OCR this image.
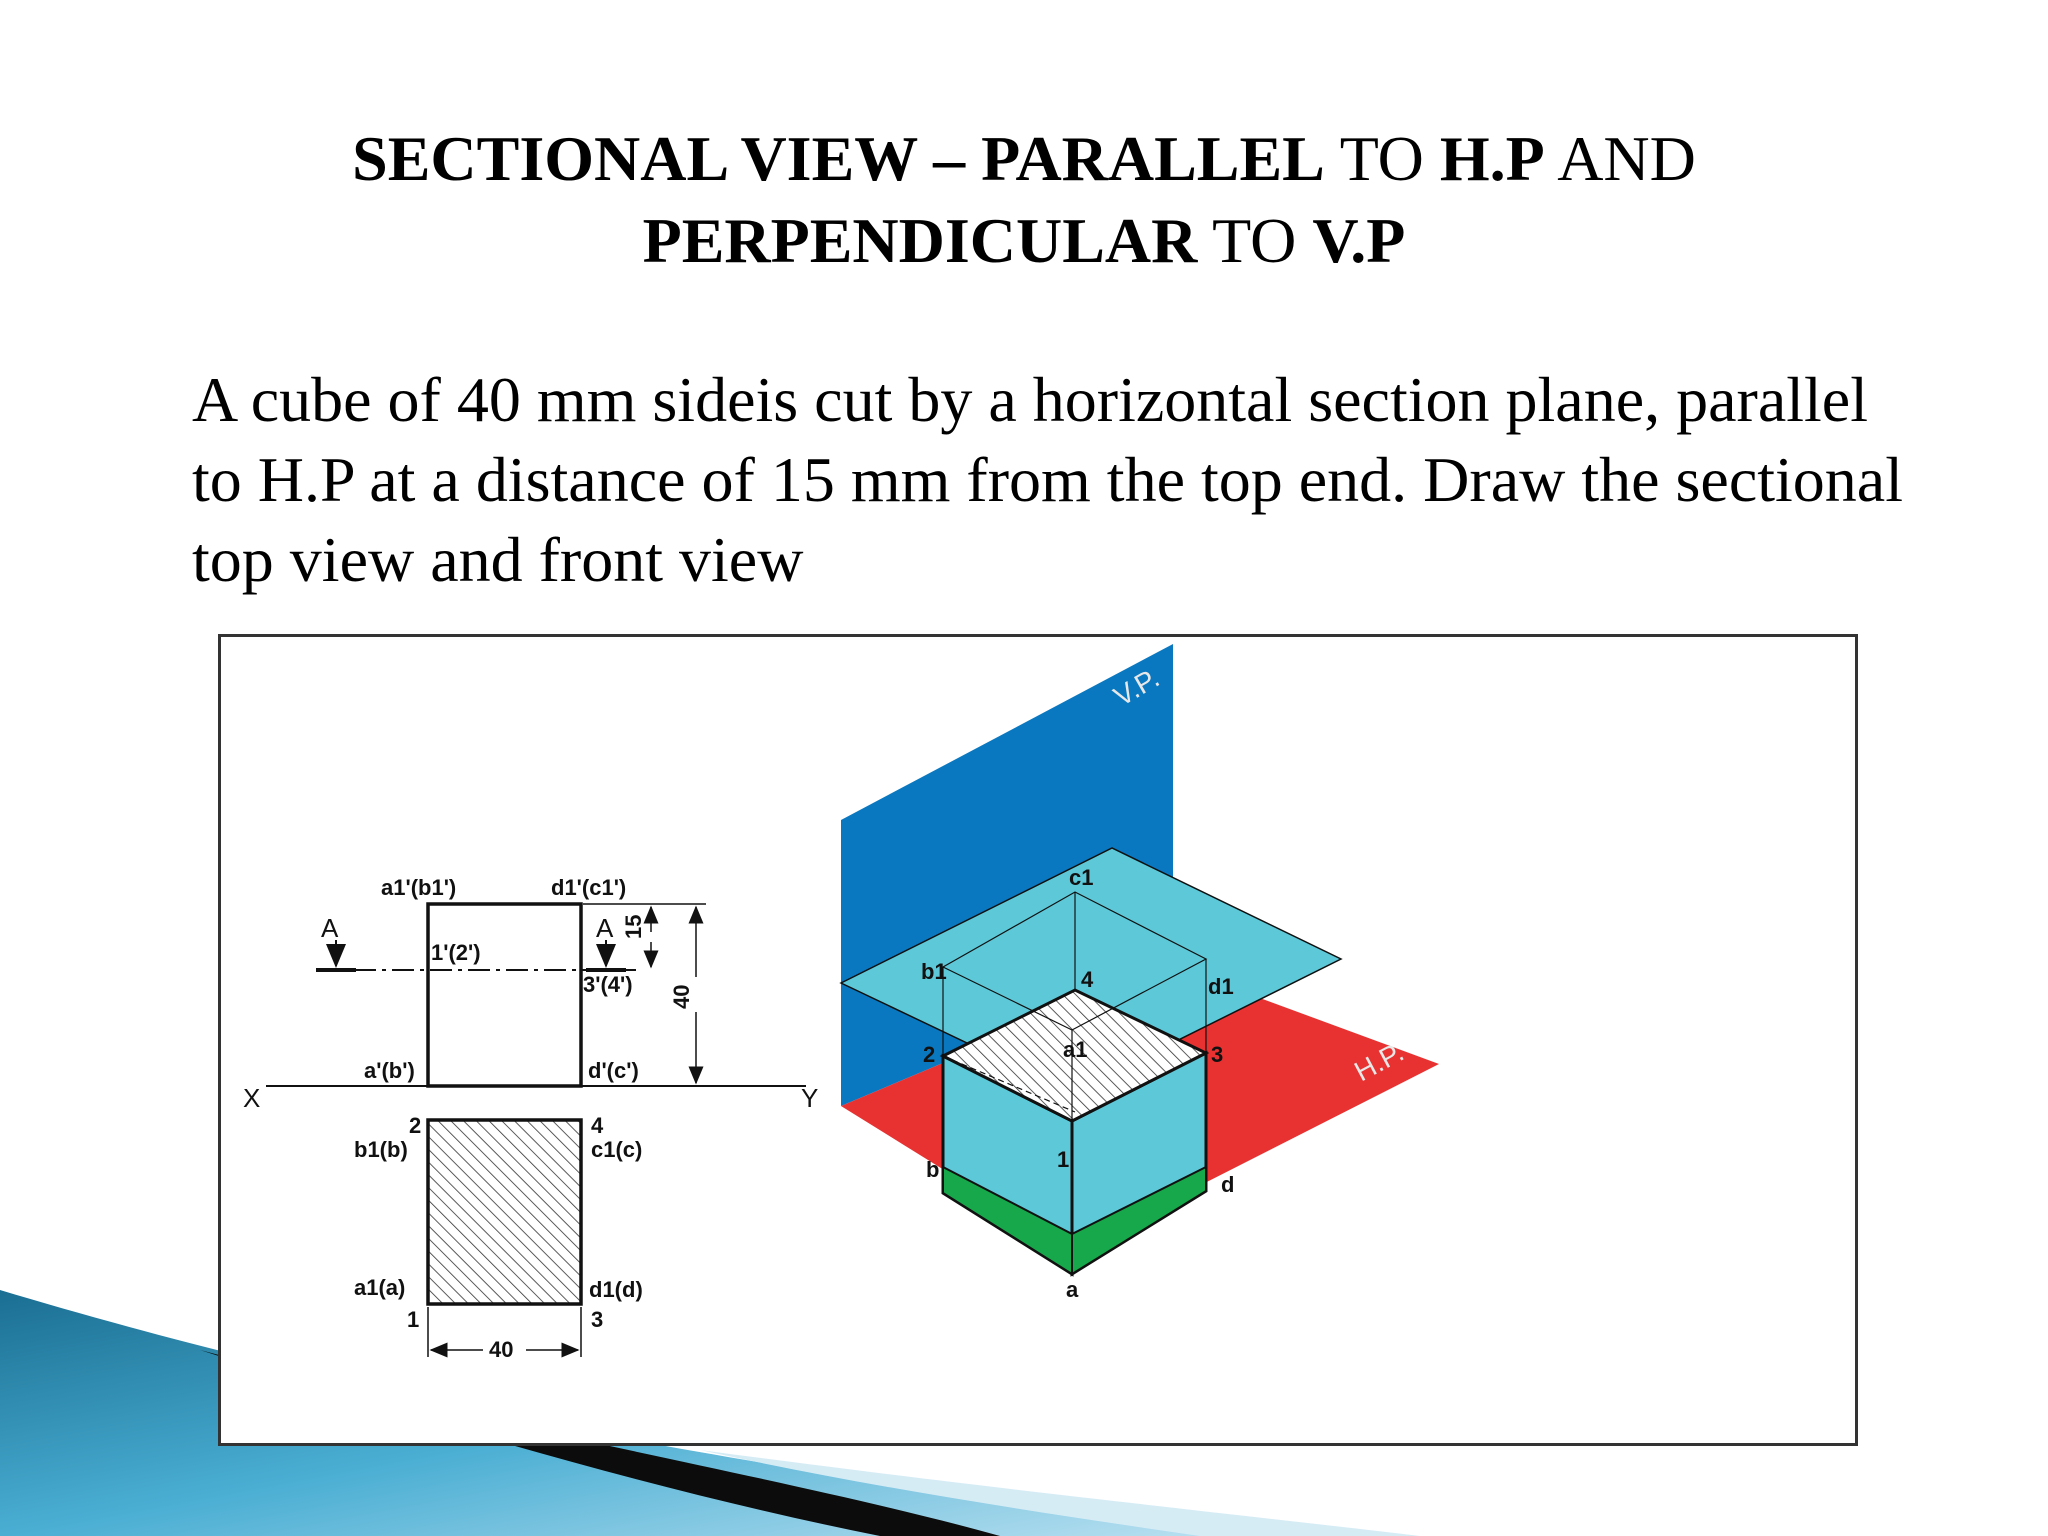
SECTIONAL VIEW – PARALLEL TO H.P AND
PERPENDICULAR TO V.P
A cube of 40 mm sideis cut by a horizontal section plane, parallel
to H.P at a distance of 15 mm from the top end. Draw the sectional
top view and front view
X	Y
A	A
a1'(b1')	d1'(c1')
1'(2')
3'(4')
a'(b')	d'(c')
15
40
2
b1(b)
4
c1(c)
a1(a)
1
d1(d)
3
40
V.P.
H.P.
c1
b1
d1
4
2	a1	3
1
b
d
a
